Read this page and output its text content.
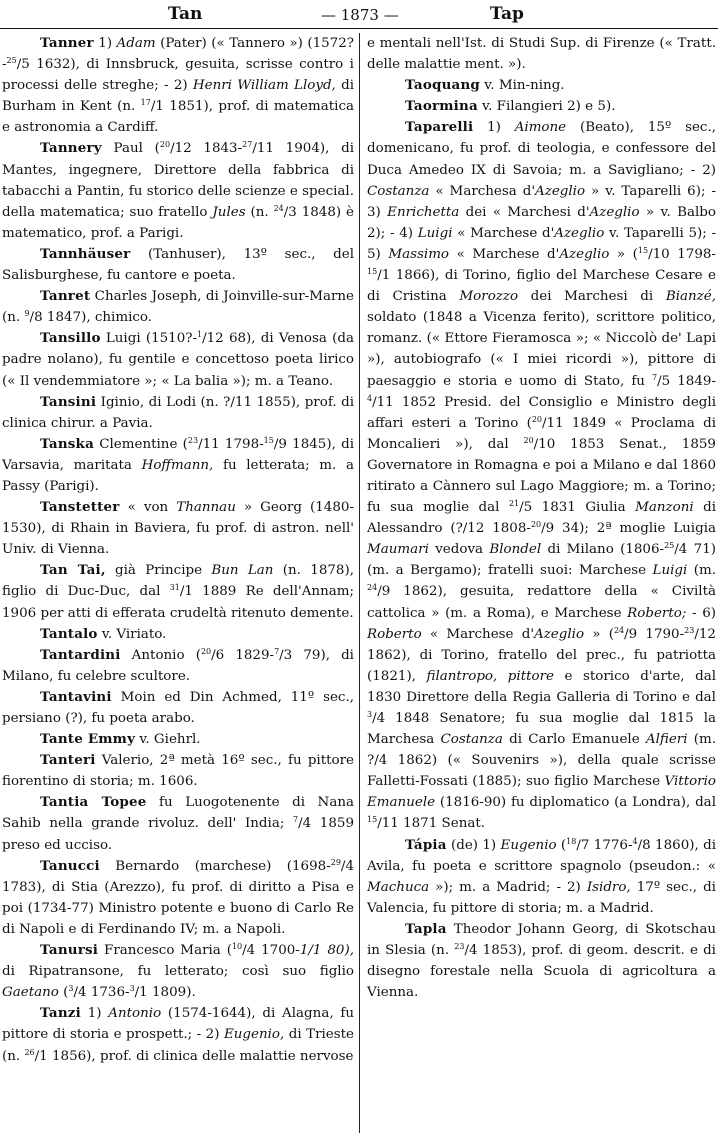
Tan	— 1873 —	Tap

Tanner 1) Adam (Pater) (« Tannero ») (1572?-$^{25}$/5 1632), di Innsbruck, gesuita, scrisse contro i processi delle streghe; - 2) Henri William Lloyd, di Burham in Kent (n. $^{17}$/1 1851), prof. di matematica e astronomia a Cardiff.

Tannery Paul ($^{20}$/12 1843-$^{27}$/11 1904), di Mantes, ingegnere, Direttore della fabbrica di tabacchi a Pantin, fu storico delle scienze e special. della matematica; suo fratello Jules (n. $^{24}$/3 1848) è matematico, prof. a Parigi.

Tannhäuser (Tanhuser), 13º sec., del Salisburghese, fu cantore e poeta.

Tanret Charles Joseph, di Joinville-sur-Marne (n. $^9$/8 1847), chimico.

Tansillo Luigi (1510?-$^1$/12 68), di Venosa (da padre nolano), fu gentile e concettoso poeta lirico (« Il vendemmiatore »; « La balia »); m. a Teano.

Tansini Iginio, di Lodi (n. ?/11 1855), prof. di clinica chirur. a Pavia.

Tanska Clementine ($^{23}$/11 1798-$^{15}$/9 1845), di Varsavia, maritata Hoffmann, fu letterata; m. a Passy (Parigi).

Tanstetter « von Thannau » Georg (1480-1530), di Rhain in Baviera, fu prof. di astron. nell' Univ. di Vienna.

Tan Tai, già Principe Bun Lan (n. 1878), figlio di Duc-Duc, dal $^{31}$/1 1889 Re dell'Annam; 1906 per atti di efferata crudeltà ritenuto demente.

Tantalo v. Viriato.

Tantardini Antonio ($^{20}$/6 1829-$^7$/3 79), di Milano, fu celebre scultore.

Tantavini Moin ed Din Achmed, 11º sec., persiano (?), fu poeta arabo.

Tante Emmy v. Giehrl.

Tanteri Valerio, 2ª metà 16º sec., fu pittore fiorentino di storia; m. 1606.

Tantia Topee fu Luogotenente di Nana Sahib nella grande rivoluz. dell' India; $^7$/4 1859 preso ed ucciso.

Tanucci Bernardo (marchese) (1698-$^{29}$/4 1783), di Stia (Arezzo), fu prof. di diritto a Pisa e poi (1734-77) Ministro potente e buono di Carlo Re di Napoli e di Ferdinando IV; m. a Napoli.

Tanursi Francesco Maria ($^{10}$/4 1700-1/1 80), di Ripatransone, fu letterato; così suo figlio Gaetano ($^3$/4 1736-$^3$/1 1809).

Tanzi 1) Antonio (1574-1644), di Alagna, fu pittore di storia e prospett.; - 2) Eugenio, di Trieste (n. $^{26}$/1 1856), prof. di clinica delle malattie nervose

e mentali nell'Ist. di Studi Sup. di Firenze (« Tratt. delle malattie ment. »).

Taoquang v. Min-ning.

Taormina v. Filangieri 2) e 5).

Taparelli 1) Aimone (Beato), 15º sec., domenicano, fu prof. di teologia, e confessore del Duca Amedeo IX di Savoia; m. a Savigliano; - 2) Costanza « Marchesa d'Azeglio » v. Taparelli 6); - 3) Enrichetta dei « Marchesi d'Azeglio » v. Balbo 2); - 4) Luigi « Marchese d'Azeglio v. Taparelli 5); - 5) Massimo « Marchese d'Azeglio » ($^{15}$/10 1798-$^{15}$/1 1866), di Torino, figlio del Marchese Cesare e di Cristina Morozzo dei Marchesi di Bianzé, soldato (1848 a Vicenza ferito), scrittore politico, romanz. (« Ettore Fieramosca »; « Niccolò de' Lapi »), autobiografo (« I miei ricordi »), pittore di paesaggio e storia e uomo di Stato, fu $^7$/5 1849-$^4$/11 1852 Presid. del Consiglio e Ministro degli affari esteri a Torino ($^{20}$/11 1849 « Proclama di Moncalieri »), dal $^{20}$/10 1853 Senat., 1859 Governatore in Romagna e poi a Milano e dal 1860 ritirato a Cànnero sul Lago Maggiore; m. a Torino; fu sua moglie dal $^{21}$/5 1831 Giulia Manzoni di Alessandro (?/12 1808-$^{20}$/9 34); 2ª moglie Luigia Maumari vedova Blondel di Milano (1806-$^{25}$/4 71) (m. a Bergamo); fratelli suoi: Marchese Luigi (m. $^{24}$/9 1862), gesuita, redattore della « Civiltà cattolica » (m. a Roma), e Marchese Roberto; - 6) Roberto « Marchese d'Azeglio » ($^{24}$/9 1790-$^{23}$/12 1862), di Torino, fratello del prec., fu patriotta (1821), filantropo, pittore e storico d'arte, dal 1830 Direttore della Regia Galleria di Torino e dal $^3$/4 1848 Senatore; fu sua moglie dal 1815 la Marchesa Costanza di Carlo Emanuele Alfieri (m. ?/4 1862) (« Souvenirs »), della quale scrisse Falletti-Fossati (1885); suo figlio Marchese Vittorio Emanuele (1816-90) fu diplomatico (a Londra), dal $^{15}$/11 1871 Senat.

Tápia (de) 1) Eugenio ($^{18}$/7 1776-$^4$/8 1860), di Avila, fu poeta e scrittore spagnolo (pseudon.: « Machuca »); m. a Madrid; - 2) Isidro, 17º sec., di Valencia, fu pittore di storia; m. a Madrid.

Tapla Theodor Johann Georg, di Skotschau in Slesia (n. $^{23}$/4 1853), prof. di geom. descrit. e di disegno forestale nella Scuola di agricoltura a Vienna.
